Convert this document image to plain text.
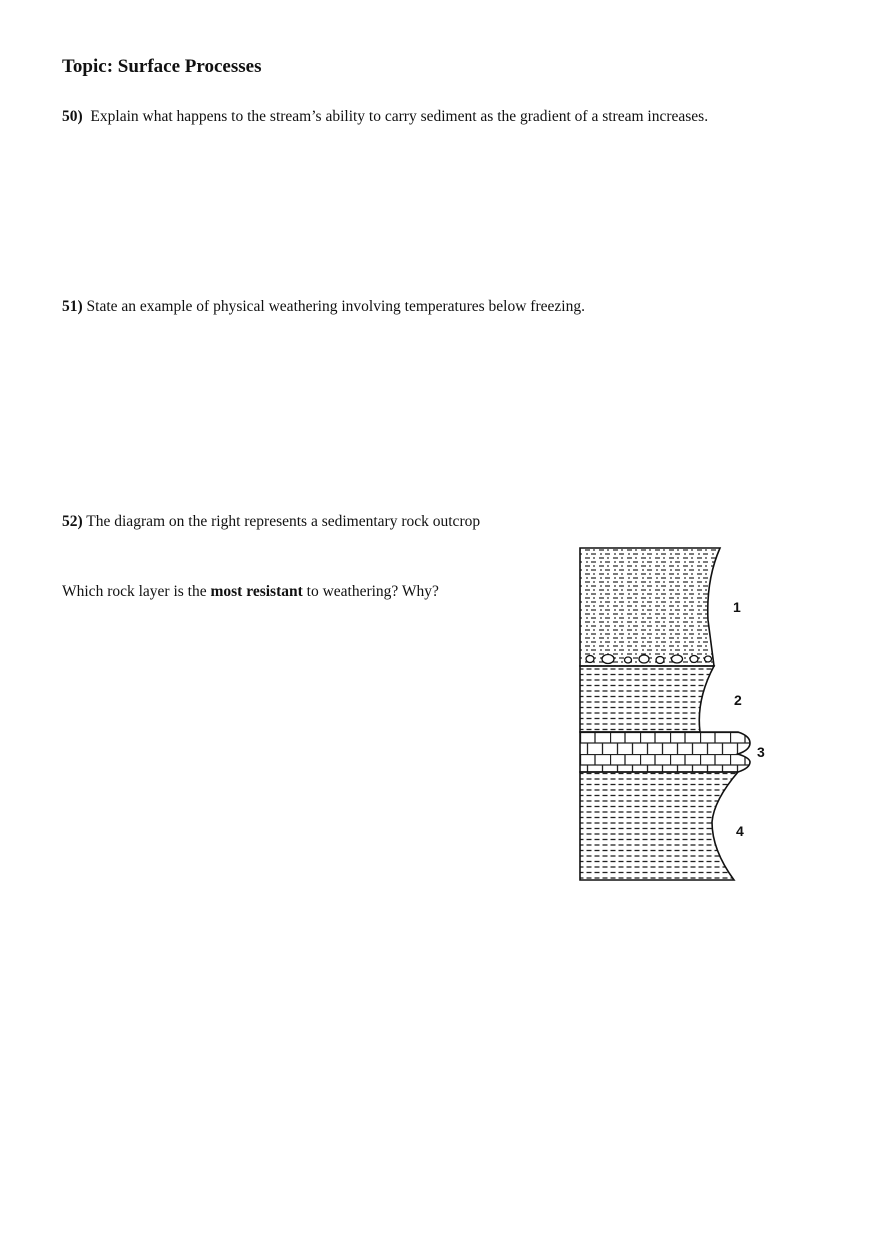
Topic: Surface Processes

50) Explain what happens to the stream’s ability to carry sediment as the gradient of a stream increases.

51) State an example of physical weathering involving temperatures below freezing.

52) The diagram on the right represents a sedimentary rock outcrop

Which rock layer is the most resistant to weathering? Why?

1
2
3
4
